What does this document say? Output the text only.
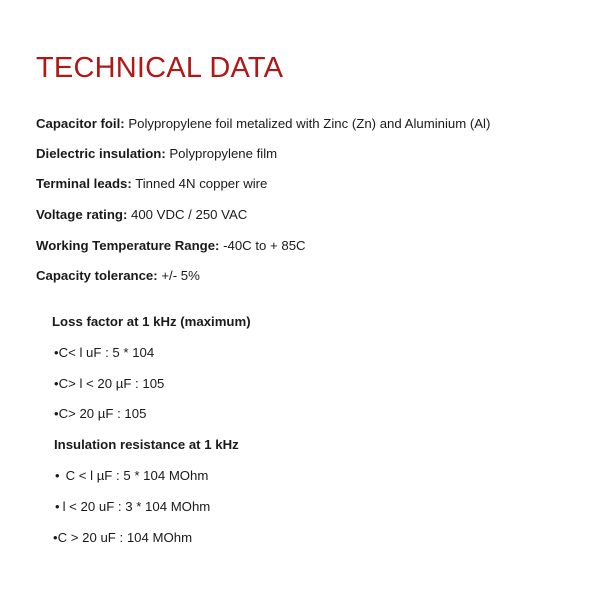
TECHNICAL DATA

Capacitor foil: Polypropylene foil metalized with Zinc (Zn) and Aluminium (Al)

Dielectric insulation: Polypropylene film

Terminal leads: Tinned 4N copper wire

Voltage rating: 400 VDC / 250 VAC

Working Temperature Range: -40C to + 85C

Capacity tolerance: +/- 5%

Loss factor at 1 kHz (maximum)

•C< l uF : 5 * 104

•C> l < 20 µF : 105

•C> 20 µF : 105

Insulation resistance at 1 kHz

• C < l µF : 5 * 104 MOhm

• l < 20 uF : 3 * 104 MOhm

•C > 20 uF : 104 MOhm
